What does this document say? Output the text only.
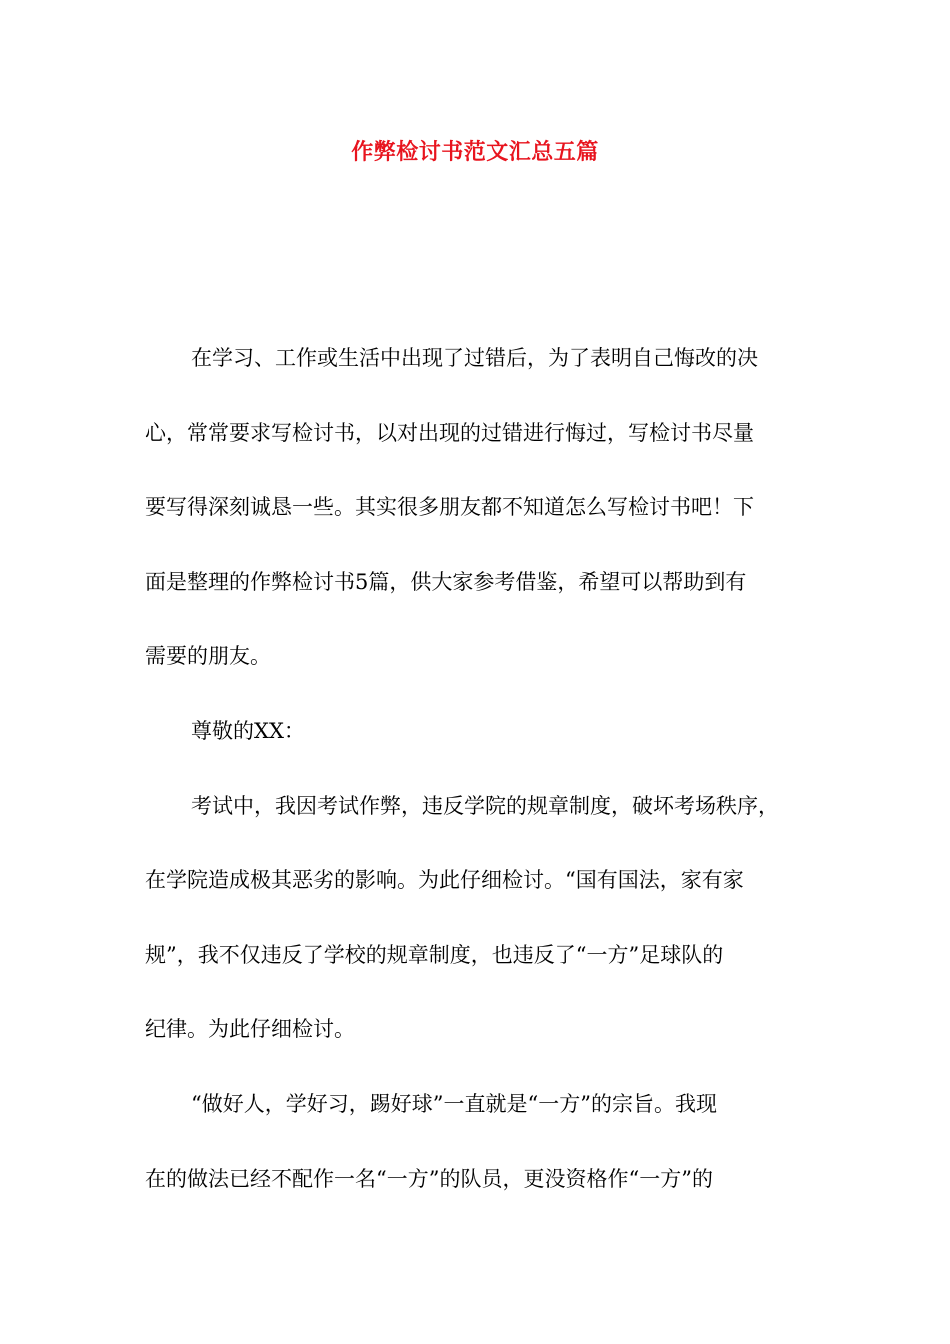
作弊检讨书范文汇总五篇
在学习、工作或生活中出现了过错后，为了表明自己悔改的决
心，常常要求写检讨书，以对出现的过错进行悔过，写检讨书尽量
要写得深刻诚恳一些。其实很多朋友都不知道怎么写检讨书吧！下
面是整理的作弊检讨书5篇，供大家参考借鉴，希望可以帮助到有
需要的朋友。
尊敬的XX：
考试中，我因考试作弊，违反学院的规章制度，破坏考场秩序，
在学院造成极其恶劣的影响。为此仔细检讨。“国有国法，家有家
规”，我不仅违反了学校的规章制度，也违反了“一方”足球队的
纪律。为此仔细检讨。
“做好人，学好习，踢好球”一直就是“一方”的宗旨。我现
在的做法已经不配作一名“一方”的队员，更没资格作“一方”的
